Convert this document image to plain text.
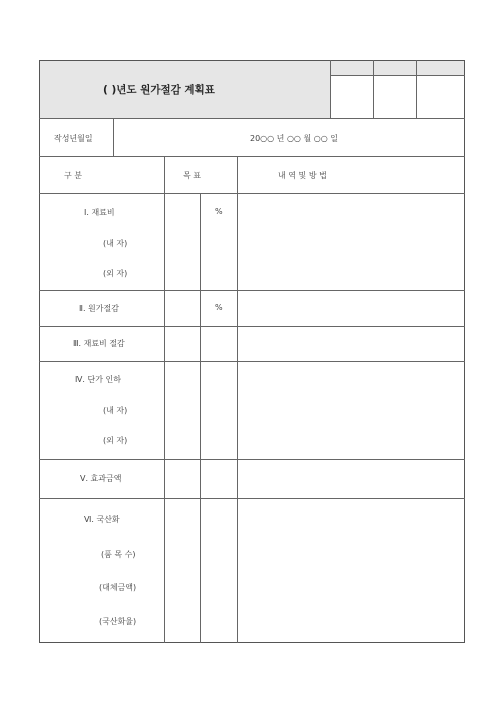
( )년도 원가절감 계획표
작성년월일	20○○ 년 ○○ 월 ○○ 일
구 분	목 표	내 역 및 방 법
Ⅰ. 재료비	%
(내 자)
(외 자)
Ⅱ. 원가절감	%
Ⅲ. 재료비 절감
Ⅳ. 단가 인하
(내 자)
(외 자)
Ⅴ. 효과금액
Ⅵ. 국산화
(품 목 수)
(대체금액)
(국산화율)
